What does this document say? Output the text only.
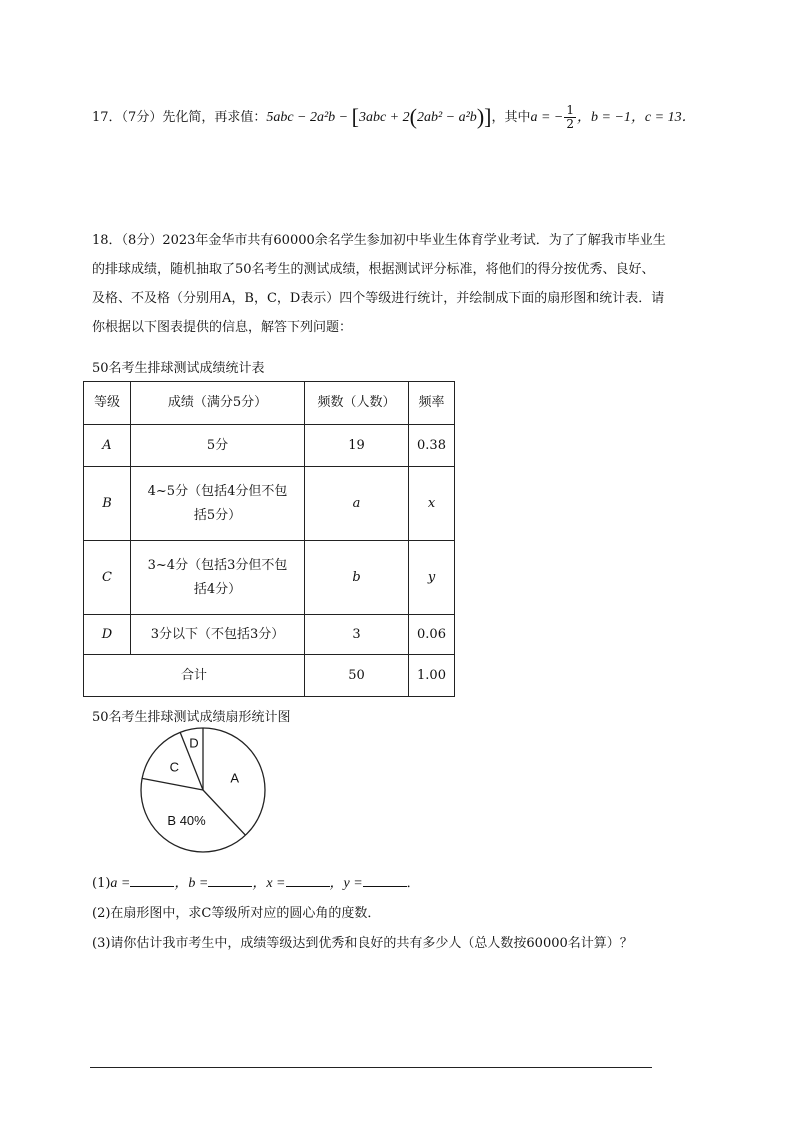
17．（7分）先化简，再求值：5abc − 2a²b − [3abc + 2(2ab² − a²b)]，其中a = − $\frac{1}{2}$ ，b = −1，c = 13．
18．（8分）2023年金华市共有60000余名学生参加初中毕业生体育学业考试．为了了解我市毕业生
的排球成绩，随机抽取了50名考生的测试成绩，根据测试评分标准，将他们的得分按优秀、良好、
及格、不及格（分别用A，B，C，D表示）四个等级进行统计，并绘制成下面的扇形图和统计表．请
你根据以下图表提供的信息，解答下列问题：
50名考生排球测试成绩统计表
等级	成绩（满分5分）	频数（人数）	频率
A	5分	19	0.38
B	4~5分（包括4分但不包
括5分）	a	x
C	3~4分（包括3分但不包
括4分）	b	y
D	3分以下（不包括3分）	3	0.06
合计		50	1.00
50名考生排球测试成绩扇形统计图
A
B 40%
C
D
(1)a =	，b =	，x =	，y =	．
(2)在扇形图中，求C等级所对应的圆心角的度数．
(3)请你估计我市考生中，成绩等级达到优秀和良好的共有多少人（总人数按60000名计算）？
